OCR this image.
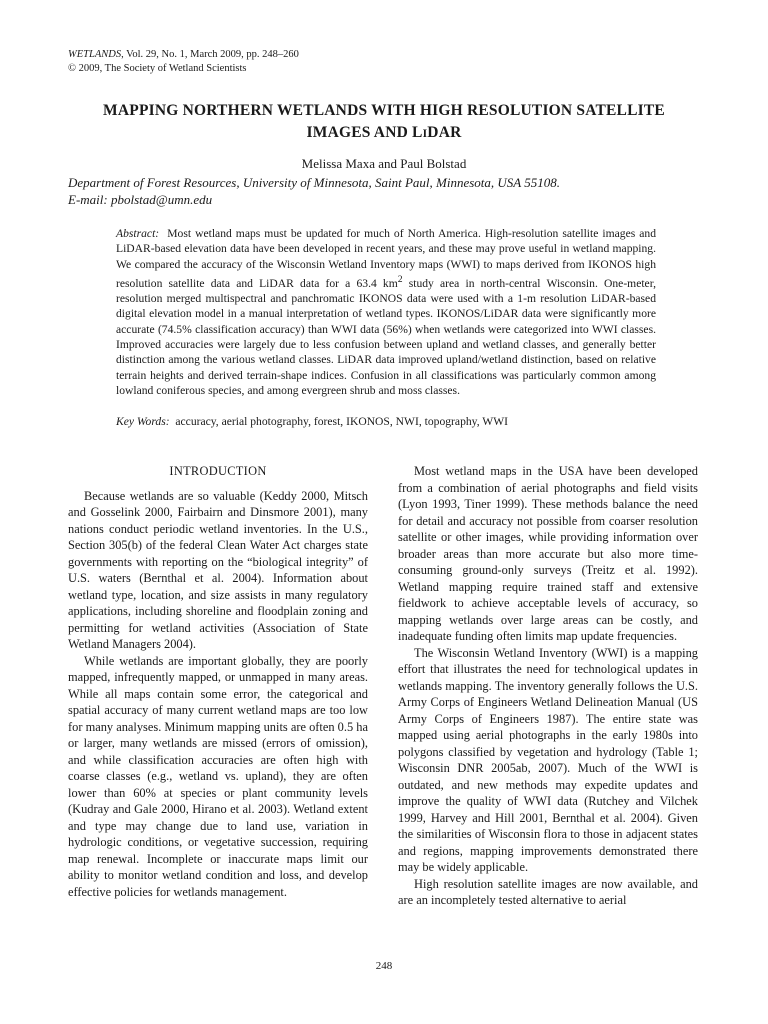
WETLANDS, Vol. 29, No. 1, March 2009, pp. 248–260
© 2009, The Society of Wetland Scientists
MAPPING NORTHERN WETLANDS WITH HIGH RESOLUTION SATELLITE
IMAGES AND LIDAR
Melissa Maxa and Paul Bolstad
Department of Forest Resources, University of Minnesota, Saint Paul, Minnesota, USA 55108.
E-mail: pbolstad@umn.edu
Abstract: Most wetland maps must be updated for much of North America. High-resolution satellite images and LiDAR-based elevation data have been developed in recent years, and these may prove useful in wetland mapping. We compared the accuracy of the Wisconsin Wetland Inventory maps (WWI) to maps derived from IKONOS high resolution satellite data and LiDAR data for a 63.4 $km^2$ study area in north-central Wisconsin. One-meter, resolution merged multispectral and panchromatic IKONOS data were used with a 1-m resolution LiDAR-based digital elevation model in a manual interpretation of wetland types. IKONOS/LiDAR data were significantly more accurate (74.5% classification accuracy) than WWI data (56%) when wetlands were categorized into WWI classes. Improved accuracies were largely due to less confusion between upland and wetland classes, and generally better distinction among the various wetland classes. LiDAR data improved upland/wetland distinction, based on relative terrain heights and derived terrain-shape indices. Confusion in all classifications was particularly common among lowland coniferous species, and among evergreen shrub and moss classes.
Key Words: accuracy, aerial photography, forest, IKONOS, NWI, topography, WWI
INTRODUCTION

Because wetlands are so valuable (Keddy 2000, Mitsch and Gosselink 2000, Fairbairn and Dinsmore 2001), many nations conduct periodic wetland inventories. In the U.S., Section 305(b) of the federal Clean Water Act charges state governments with reporting on the “biological integrity” of U.S. waters (Bernthal et al. 2004). Information about wetland type, location, and size assists in many regulatory applications, including shoreline and floodplain zoning and permitting for wetland activities (Association of State Wetland Managers 2004).

While wetlands are important globally, they are poorly mapped, infrequently mapped, or unmapped in many areas. While all maps contain some error, the categorical and spatial accuracy of many current wetland maps are too low for many analyses. Minimum mapping units are often 0.5 ha or larger, many wetlands are missed (errors of omission), and while classification accuracies are often high with coarse classes (e.g., wetland vs. upland), they are often lower than 60% at species or plant community levels (Kudray and Gale 2000, Hirano et al. 2003). Wetland extent and type may change due to land use, variation in hydrologic conditions, or vegetative succession, requiring map renewal. Incomplete or inaccurate maps limit our ability to monitor wetland condition and loss, and develop effective policies for wetlands management.

Most wetland maps in the USA have been developed from a combination of aerial photographs and field visits (Lyon 1993, Tiner 1999). These methods balance the need for detail and accuracy not possible from coarser resolution satellite or other images, while providing information over broader areas than more accurate but also more time-consuming ground-only surveys (Treitz et al. 1992). Wetland mapping require trained staff and extensive fieldwork to achieve acceptable levels of accuracy, so mapping wetlands over large areas can be costly, and inadequate funding often limits map update frequencies.

The Wisconsin Wetland Inventory (WWI) is a mapping effort that illustrates the need for technological updates in wetlands mapping. The inventory generally follows the U.S. Army Corps of Engineers Wetland Delineation Manual (US Army Corps of Engineers 1987). The entire state was mapped using aerial photographs in the early 1980s into polygons classified by vegetation and hydrology (Table 1; Wisconsin DNR 2005ab, 2007). Much of the WWI is outdated, and new methods may expedite updates and improve the quality of WWI data (Rutchey and Vilchek 1999, Harvey and Hill 2001, Bernthal et al. 2004). Given the similarities of Wisconsin flora to those in adjacent states and regions, mapping improvements demonstrated there may be widely applicable.

High resolution satellite images are now available, and are an incompletely tested alternative to aerial

248
